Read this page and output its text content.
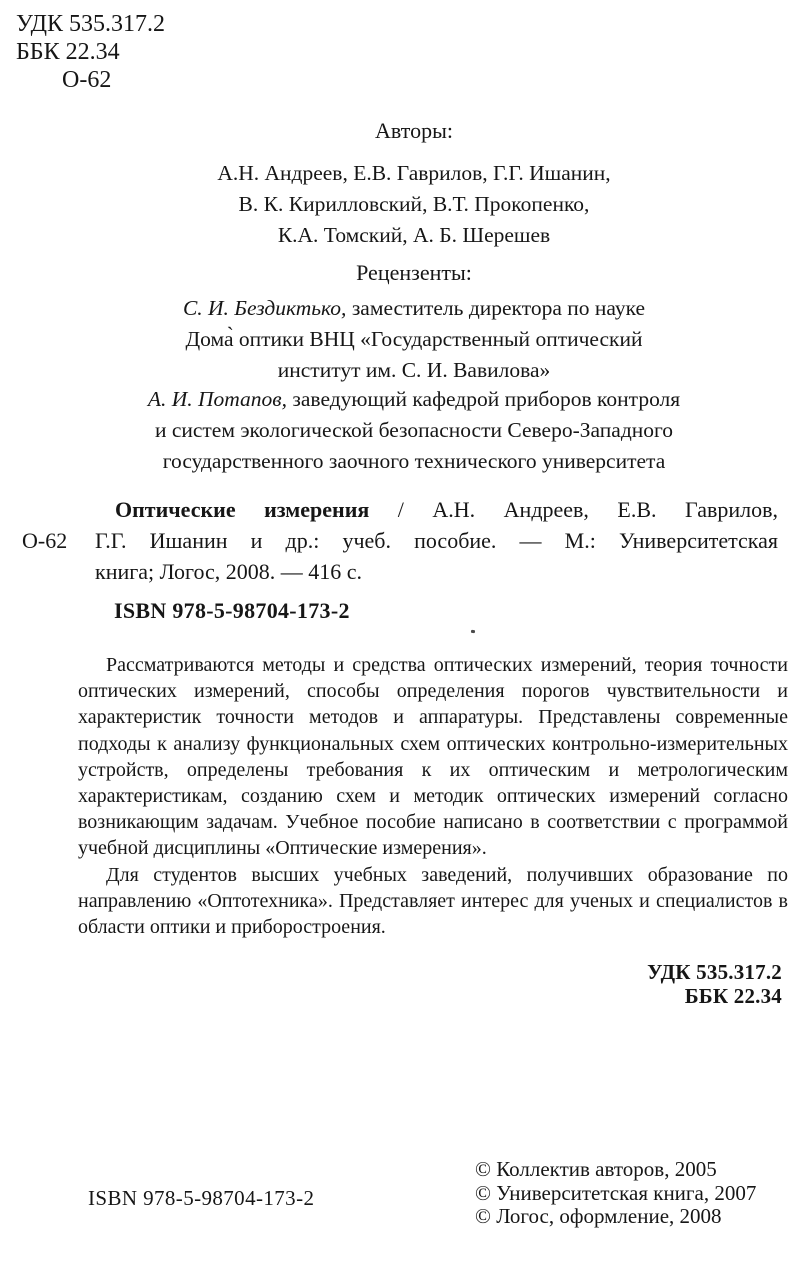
УДК 535.317.2
ББК 22.34
О-62
Авторы:
А.Н. Андреев, Е.В. Гаврилов, Г.Г. Ишанин,
В. К. Кирилловский, В.Т. Прокопенко,
К.А. Томский, А. Б. Шерешев
Рецензенты:
С. И. Бездиктько, заместитель директора по науке
Дома̀ оптики ВНЦ «Государственный оптический
институт им. С. И. Вавилова»
А. И. Потапов, заведующий кафедрой приборов контроля
и систем экологической безопасности Северо-Западного
государственного заочного технического университета
О-62
Оптические измерения / А.Н. Андреев, Е.В. Гаврилов,
Г.Г. Ишанин и др.: учеб. пособие. — М.: Университетская
книга; Логос, 2008. — 416 с.
ISBN 978-5-98704-173-2

Рассматриваются методы и средства оптических измерений, теория точности оптических измерений, способы определения порогов чувствительности и характеристик точности методов и аппаратуры. Представлены современные подходы к анализу функциональных схем оптических контрольно-измерительных устройств, определены требования к их оптическим и метрологическим характеристикам, созданию схем и методик оптических измерений согласно возникающим задачам. Учебное пособие написано в соответствии с программой учебной дисциплины «Оптические измерения».

Для студентов высших учебных заведений, получивших образование по направлению «Оптотехника». Представляет интерес для ученых и специалистов в области оптики и приборостроения.

УДК 535.317.2
ББК 22.34
ISBN 978-5-98704-173-2
© Коллектив авторов, 2005
© Университетская книга, 2007
© Логос, оформление, 2008
